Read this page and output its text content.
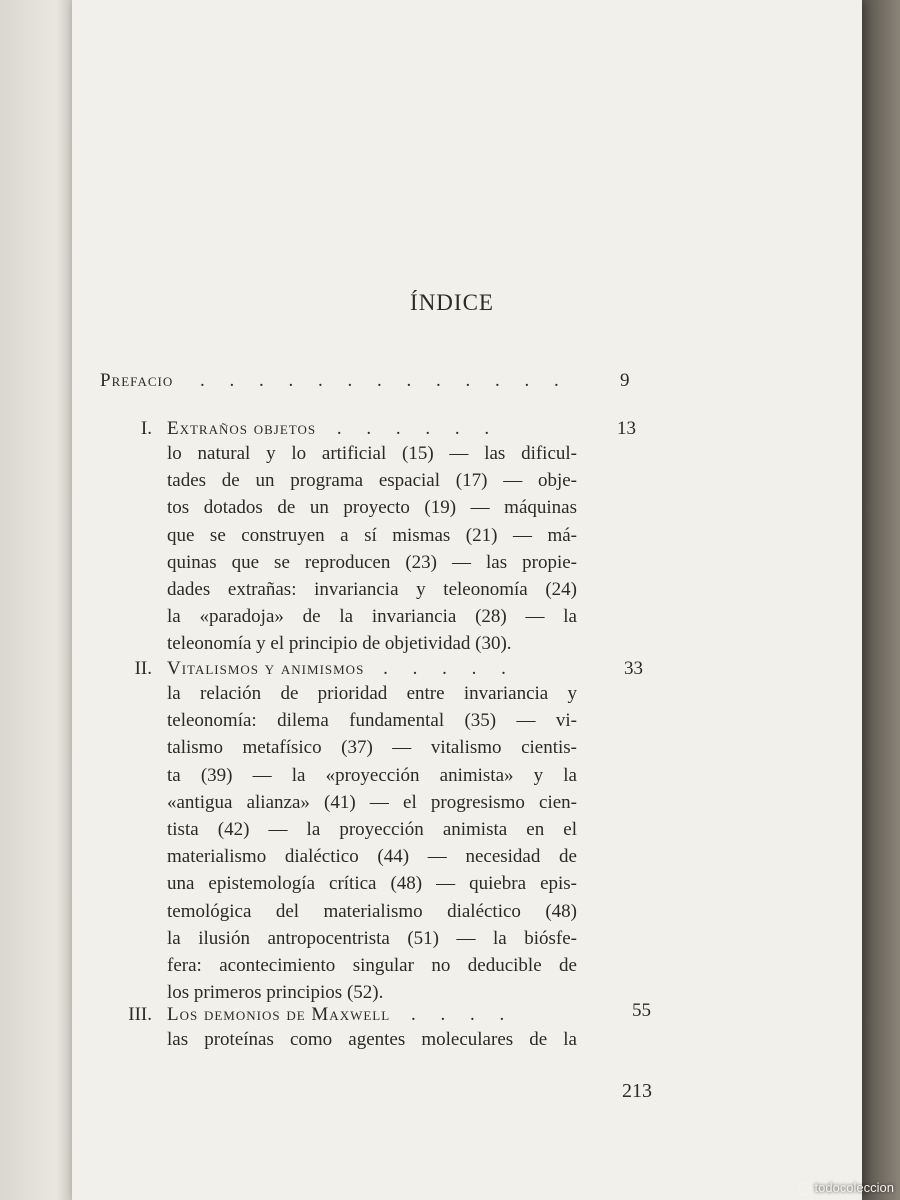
ÍNDICE
Prefacio . . . . . . . . . . . . .	9
I. Extraños objetos . . . . . .	13
lo natural y lo artificial (15) — las dificul-
tades de un programa espacial (17) — obje-
tos dotados de un proyecto (19) — máquinas
que se construyen a sí mismas (21) — má-
quinas que se reproducen (23) — las propie-
dades extrañas: invariancia y teleonomía (24)
la «paradoja» de la invariancia (28) — la
teleonomía y el principio de objetividad (30).
II. Vitalismos y animismos . . . . .	33
la relación de prioridad entre invariancia y
teleonomía: dilema fundamental (35) — vi-
talismo metafísico (37) — vitalismo cientis-
ta (39) — la «proyección animista» y la
«antigua alianza» (41) — el progresismo cien-
tista (42) — la proyección animista en el
materialismo dialéctico (44) — necesidad de
una epistemología crítica (48) — quiebra epis-
temológica del materialismo dialéctico (48)
la ilusión antropocentrista (51) — la biósfe-
fera: acontecimiento singular no deducible de
los primeros principios (52).
III. Los demonios de Maxwell . . . .	55
las proteínas como agentes moleculares de la
213
todocoleccion
